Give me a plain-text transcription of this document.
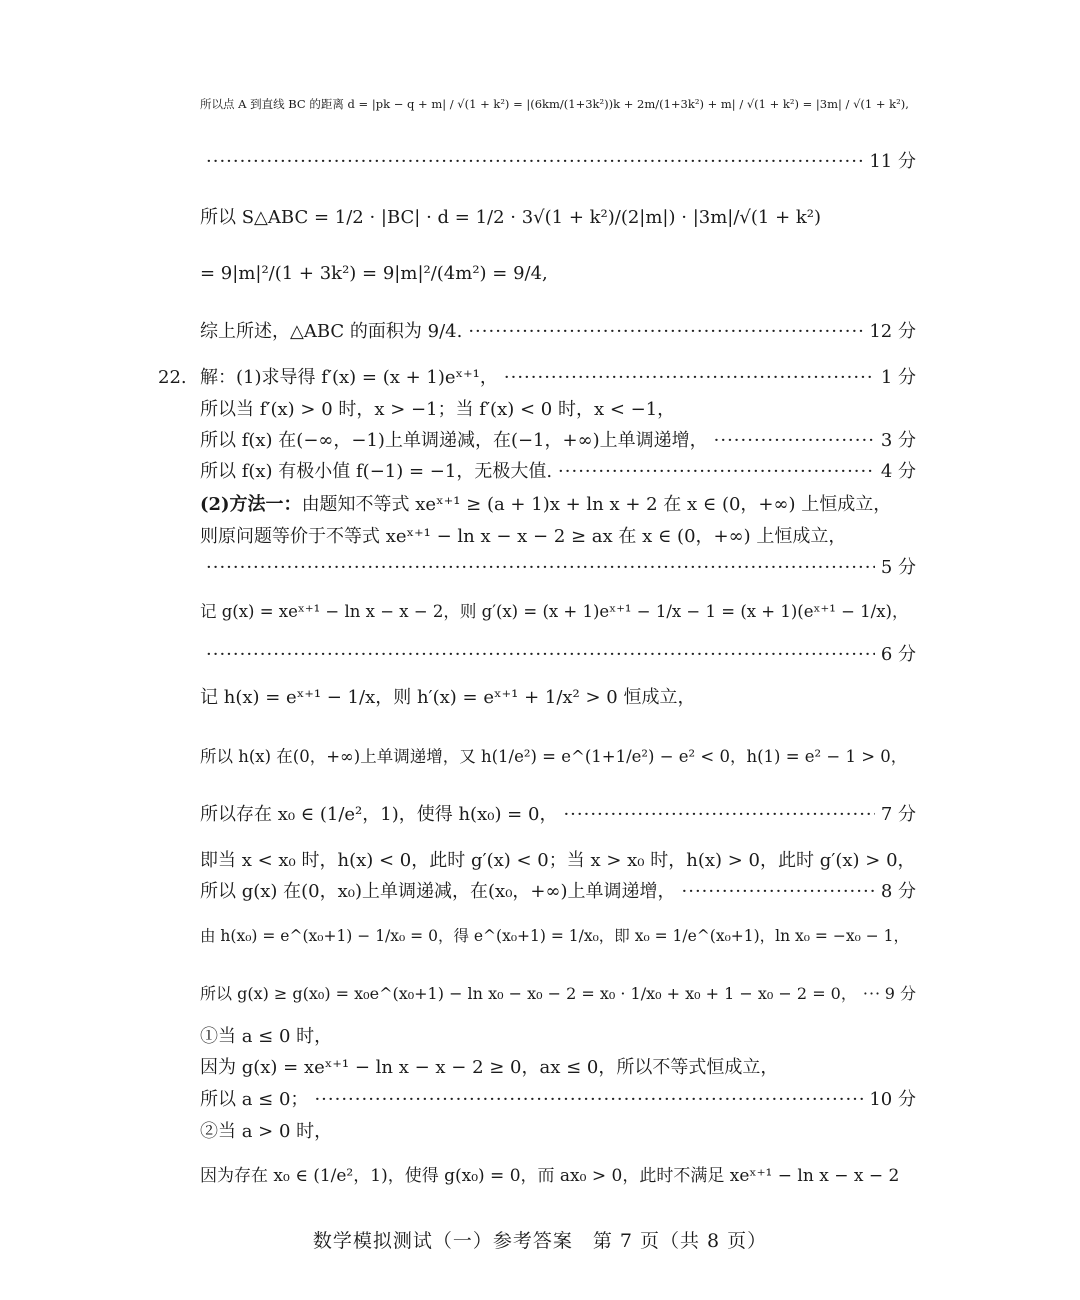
所以点 A 到直线 BC 的距离 d = |pk − q + m| / √(1 + k²) = |(6km/(1+3k²))k + 2m/(1+3k²) + m| / √(1 + k²) = |3m| / √(1 + k²),
·····
11 分
所以 S△ABC = 1/2 · |BC| · d = 1/2 · 3√(1 + k²)/(2|m|) · |3m|/√(1 + k²)
= 9|m|²/(1 + 3k²) = 9|m|²/(4m²) = 9/4,
综上所述，△ABC 的面积为 9/4. ·····	12 分
22. 解：(1)求导得 f′(x) = (x + 1)eˣ⁺¹， ·····	1 分
所以当 f′(x) > 0 时，x > −1；当 f′(x) < 0 时，x < −1，
所以 f(x) 在(−∞，−1)上单调递减，在(−1，+∞)上单调递增， ·····	3 分
所以 f(x) 有极小值 f(−1) = −1，无极大值. ·····	4 分
(2)方法一： 由题知不等式 xeˣ⁺¹ ≥ (a + 1)x + ln x + 2 在 x ∈ (0，+∞) 上恒成立，
则原问题等价于不等式 xeˣ⁺¹ − ln x − x − 2 ≥ ax 在 x ∈ (0，+∞) 上恒成立，
·····
5 分
记 g(x) = xeˣ⁺¹ − ln x − x − 2，则 g′(x) = (x + 1)eˣ⁺¹ − 1/x − 1 = (x + 1)(eˣ⁺¹ − 1/x)，
·····
6 分
记 h(x) = eˣ⁺¹ − 1/x，则 h′(x) = eˣ⁺¹ + 1/x² > 0 恒成立，
所以 h(x) 在(0，+∞)上单调递增，又 h(1/e²) = e^(1+1/e²) − e² < 0，h(1) = e² − 1 > 0，
所以存在 x₀ ∈ (1/e²，1)，使得 h(x₀) = 0， ·····	7 分
即当 x < x₀ 时，h(x) < 0，此时 g′(x) < 0；当 x > x₀ 时，h(x) > 0，此时 g′(x) > 0，
所以 g(x) 在(0，x₀)上单调递减，在(x₀，+∞)上单调递增， ·····	8 分
由 h(x₀) = e^(x₀+1) − 1/x₀ = 0，得 e^(x₀+1) = 1/x₀，即 x₀ = 1/e^(x₀+1)，ln x₀ = −x₀ − 1，
所以 g(x) ≥ g(x₀) = x₀e^(x₀+1) − ln x₀ − x₀ − 2 = x₀ · 1/x₀ + x₀ + 1 − x₀ − 2 = 0， ····· 9 分
①当 a ≤ 0 时，
因为 g(x) = xeˣ⁺¹ − ln x − x − 2 ≥ 0，ax ≤ 0，所以不等式恒成立，
所以 a ≤ 0； ·····	10 分
②当 a > 0 时，
因为存在 x₀ ∈ (1/e²，1)，使得 g(x₀) = 0，而 ax₀ > 0，此时不满足 xeˣ⁺¹ − ln x − x − 2
数学模拟测试（一）参考答案　第 7 页（共 8 页）
